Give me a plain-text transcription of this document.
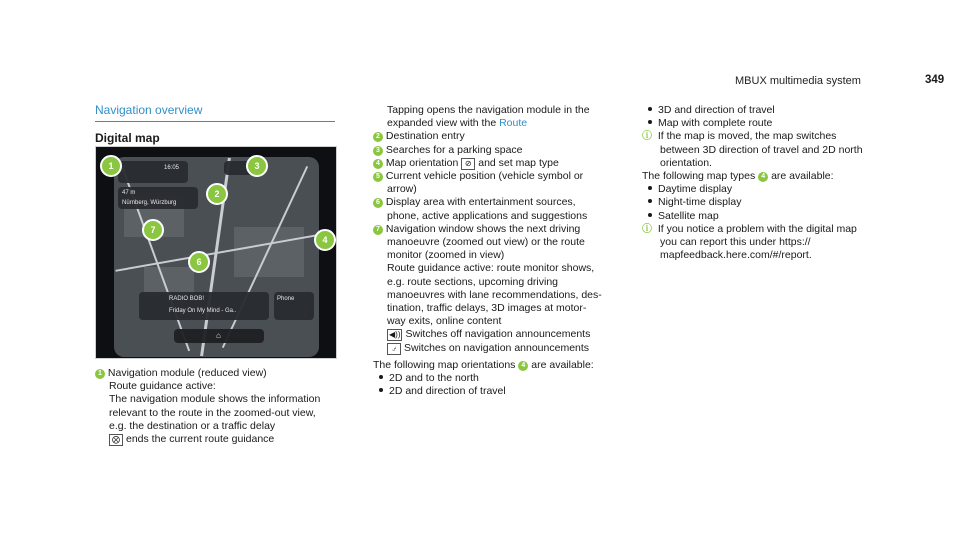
MBUX multimedia system	349
Navigation overview
Digital map
16:05
47 m
Nürnberg, Würzburg
RADIO BOB!
Friday On My Mind - Ga..
Phone
⌂
1
2
3
4
6
7
1 Navigation module (reduced view)
Route guidance active:
The navigation module shows the information
relevant to the route in the zoomed-out view,
e.g. the destination or a traffic delay
⨂ ends the current route guidance
Tapping opens the navigation module in the
expanded view with the Route
2 Destination entry
3 Searches for a parking space
4 Map orientation ⊘ and set map type
5 Current vehicle position (vehicle symbol or
arrow)
6 Display area with entertainment sources,
phone, active applications and suggestions
7 Navigation window shows the next driving
manoeuvre (zoomed out view) or the route
monitor (zoomed in view)
Route guidance active: route monitor shows,
e.g. route sections, upcoming driving
manoeuvres with lane recommendations, des-
tination, traffic delays, 3D images at motor-
way exits, online content
◀)) Switches off navigation announcements
⍻ Switches on navigation announcements
The following map orientations 4 are available:
2D and to the north
2D and direction of travel
3D and direction of travel
Map with complete route
ⓘ If the map is moved, the map switches
between 3D direction of travel and 2D north
orientation.
The following map types 4 are available:
Daytime display
Night-time display
Satellite map
ⓘ If you notice a problem with the digital map
you can report this under https://
mapfeedback.here.com/#/report.
